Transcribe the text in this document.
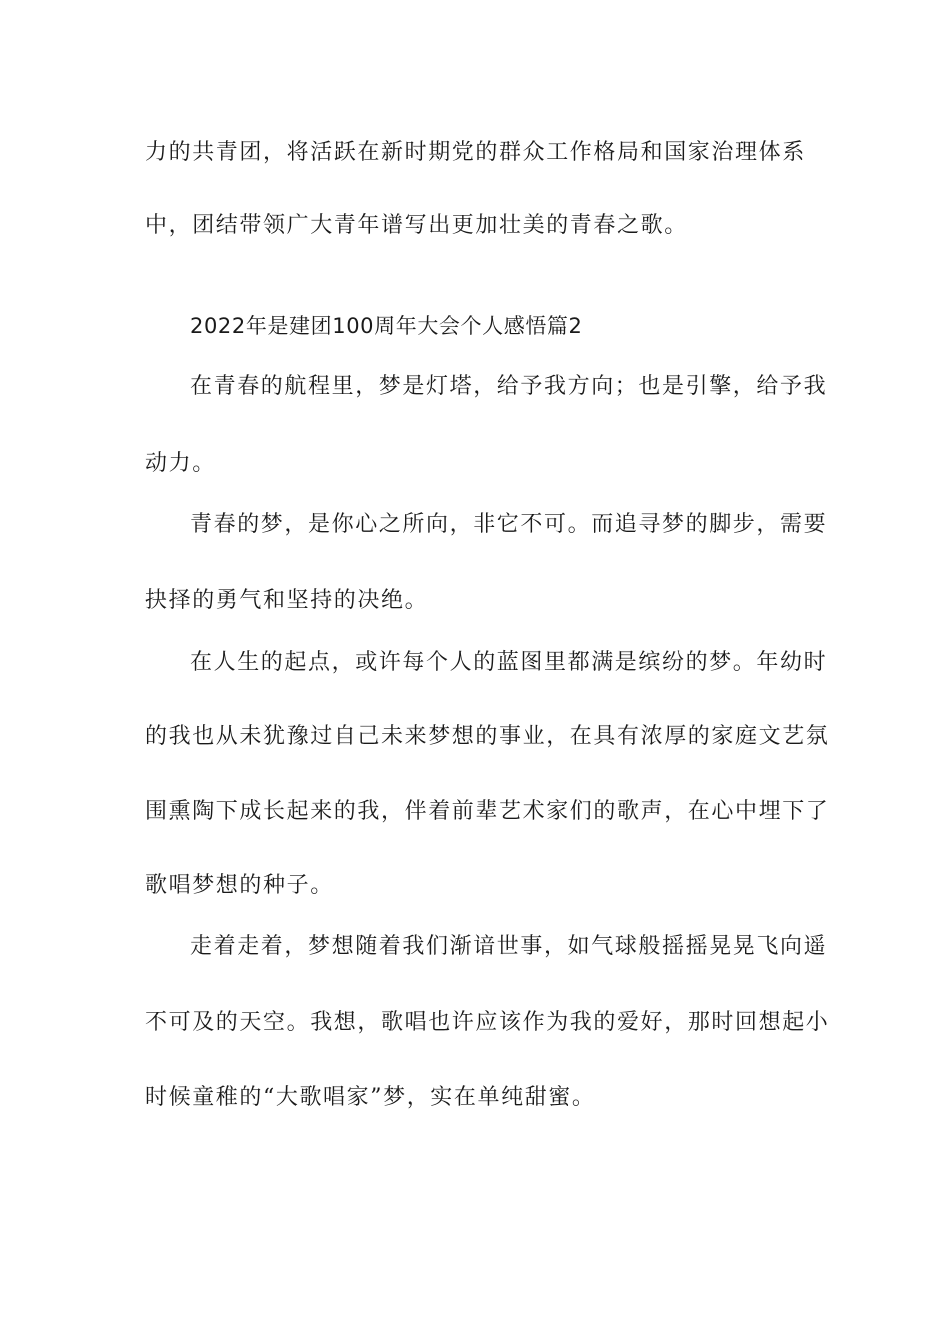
力的共青团，将活跃在新时期党的群众工作格局和国家治理体系
中，团结带领广大青年谱写出更加壮美的青春之歌。
2022年是建团100周年大会个人感悟篇2
在青春的航程里，梦是灯塔，给予我方向；也是引擎，给予我
动力。
青春的梦，是你心之所向，非它不可。而追寻梦的脚步，需要
抉择的勇气和坚持的决绝。
在人生的起点，或许每个人的蓝图里都满是缤纷的梦。年幼时
的我也从未犹豫过自己未来梦想的事业，在具有浓厚的家庭文艺氛
围熏陶下成长起来的我，伴着前辈艺术家们的歌声，在心中埋下了
歌唱梦想的种子。
走着走着，梦想随着我们渐谙世事，如气球般摇摇晃晃飞向遥
不可及的天空。我想，歌唱也许应该作为我的爱好，那时回想起小
时候童稚的“大歌唱家”梦，实在单纯甜蜜。
